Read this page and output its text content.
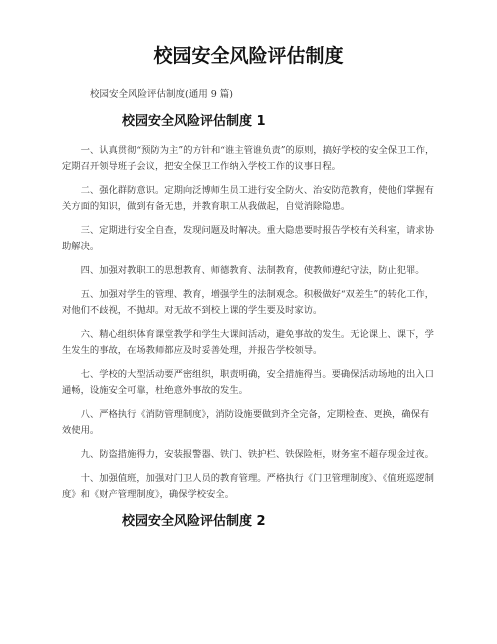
校园安全风险评估制度

校园安全风险评估制度(通用 9 篇)

校园安全风险评估制度 1

一、认真贯彻“预防为主”的方针和“谁主管谁负责”的原则，搞好学校的安全保卫工作，定期召开领导班子会议，把安全保卫工作纳入学校工作的议事日程。

二、强化群防意识。定期向泛博师生员工进行安全防火、治安防范教育，使他们掌握有关方面的知识，做到有备无患，并教育职工从我做起，自觉消除隐患。

三、定期进行安全自查，发现问题及时解决。重大隐患要时报告学校有关科室，请求协助解决。

四、加强对教职工的思想教育、师德教育、法制教育，使教师遵纪守法，防止犯罪。

五、加强对学生的管理、教育，增强学生的法制观念。积极做好“双差生”的转化工作，对他们不歧视，不抛却。对无故不到校上课的学生要及时家访。

六、精心组织体育课堂教学和学生大课间活动，避免事故的发生。无论课上、课下，学生发生的事故，在场教师都应及时妥善处理，并报告学校领导。

七、学校的大型活动要严密组织，职责明确，安全措施得当。要确保活动场地的出入口通畅，设施安全可靠，杜绝意外事故的发生。

八、严格执行《消防管理制度》，消防设施要做到齐全完备，定期检查、更换，确保有效使用。

九、防盗措施得力，安装报警器、铁门、铁护栏、铁保险柜，财务室不超存现金过夜。

十、加强值班，加强对门卫人员的教育管理。严格执行《门卫管理制度》、《值班巡逻制度》和《财产管理制度》，确保学校安全。

校园安全风险评估制度 2
